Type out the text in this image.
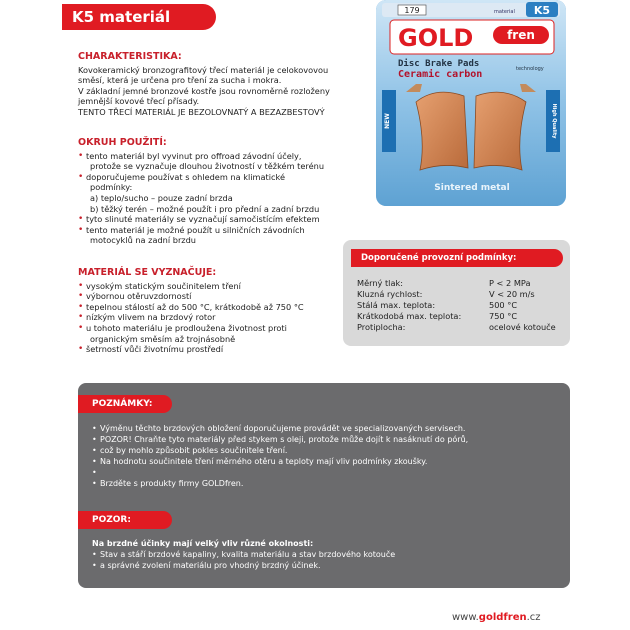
K5 materiál
CHARAKTERISTIKA:

Kovokeramický bronzografitový třecí materiál je celokovovou

směsí, která je určena pro tření za sucha i mokra.

V základní jemné bronzové kostře jsou rovnoměrně rozloženy

jemnější kovové třecí přísady.

TENTO TŘECÍ MATERIÁL JE BEZOLOVNATÝ A BEZAZBESTOVÝ

OKRUH POUŽITÍ:
• tento materiál byl vyvinut pro offroad závodní účely,
protože se vyznačuje dlouhou životností v těžkém terénu
• doporučujeme používat s ohledem na klimatické
podmínky:
a) teplo/sucho – pouze zadní brzda
b) těžký terén – možné použít i pro přední a zadní brzdu
• tyto slinuté materiály se vyznačují samočistícím efektem
• tento materiál je možné použít u silničních závodních
motocyklů na zadní brzdu
MATERIÁL SE VYZNAČUJE:
• vysokým statickým součinitelem tření
• výbornou otěruvzdorností
• tepelnou stálostí až do 500 °C, krátkodobě až 750 °C
• nízkým vlivem na brzdový rotor
• u tohoto materiálu je prodloužena životnost proti
organickým směsím až trojnásobně
• šetrností vůči životnímu prostředí
179	material K5
GOLD	fren
Disc Brake Pads
Ceramic carbon	technology
NEW	High Quality
Sintered metal
Doporučené provozní podmínky:
Měrný tlak:	P < 2 MPa
Kluzná rychlost:	V < 20 m/s
Stálá max. teplota:	500 °C
Krátkodobá max. teplota:	750 °C
Protiplocha:	ocelové kotouče
POZNÁMKY:
• Výměnu těchto brzdových obložení doporučujeme provádět ve specializovaných servisech.
• POZOR! Chraňte tyto materiály před stykem s oleji, protože může dojít k nasáknutí do pórů,
• což by mohlo způsobit pokles součinitele tření.
• Na hodnotu součinitele tření měrného otěru a teploty mají vliv podmínky zkoušky.
•
• Brzděte s produkty firmy GOLDfren.
POZOR:
Na brzdné účinky mají velký vliv různé okolnosti:
• Stav a stáří brzdové kapaliny, kvalita materiálu a stav brzdového kotouče
• a správné zvolení materiálu pro vhodný brzdný účinek.
www.goldfren.cz
